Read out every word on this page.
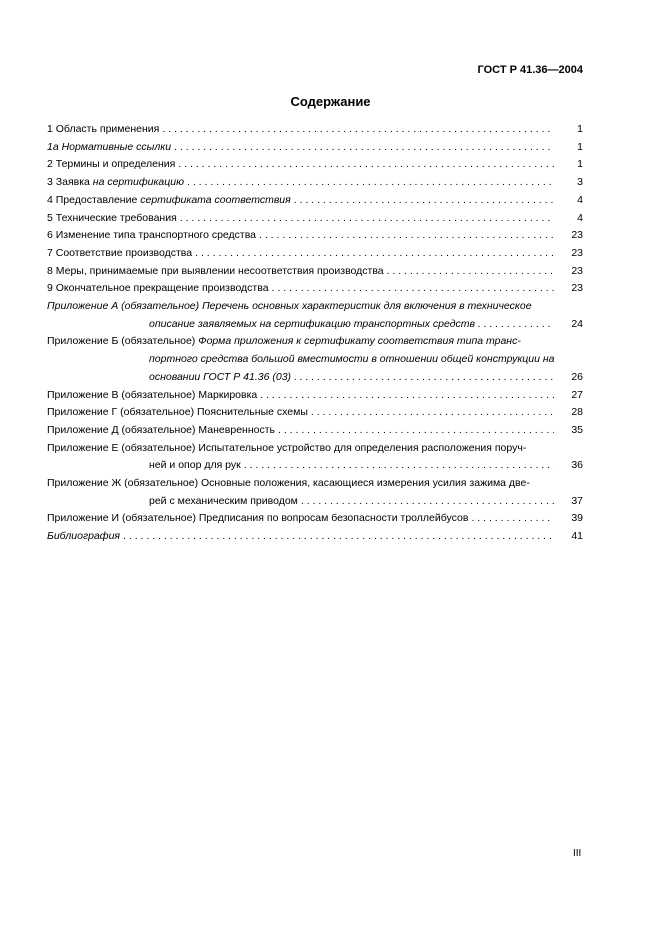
ГОСТ Р 41.36—2004
Содержание
1 Область применения . . .	1
1а Нормативные ссылки . . .	1
2 Термины и определения . . .	1
3 Заявка на сертификацию . . .	3
4 Предоставление сертификата соответствия . . .	4
5 Технические требования . . .	4
6 Изменение типа транспортного средства . . .	23
7 Соответствие производства . . .	23
8 Меры, принимаемые при выявлении несоответствия производства . . .	23
9 Окончательное прекращение производства . . .	23
Приложение А (обязательное) Перечень основных характеристик для включения в техническое
описание заявляемых на сертификацию транспортных средств . . .	24
Приложение Б (обязательное) Форма приложения к сертификату соответствия типа транс-
портного средства большой вместимости в отношении общей конструкции на
основании ГОСТ Р 41.36 (03) . . .	26
Приложение В (обязательное) Маркировка . . .	27
Приложение Г (обязательное) Пояснительные схемы . . .	28
Приложение Д (обязательное) Маневренность . . .	35
Приложение Е (обязательное) Испытательное устройство для определения расположения поруч-
ней и опор для рук . . .	36
Приложение Ж (обязательное) Основные положения, касающиеся измерения усилия зажима две-
рей с механическим приводом . . .	37
Приложение И (обязательное) Предписания по вопросам безопасности троллейбусов . . .	39
Библиография . . .	41
III
